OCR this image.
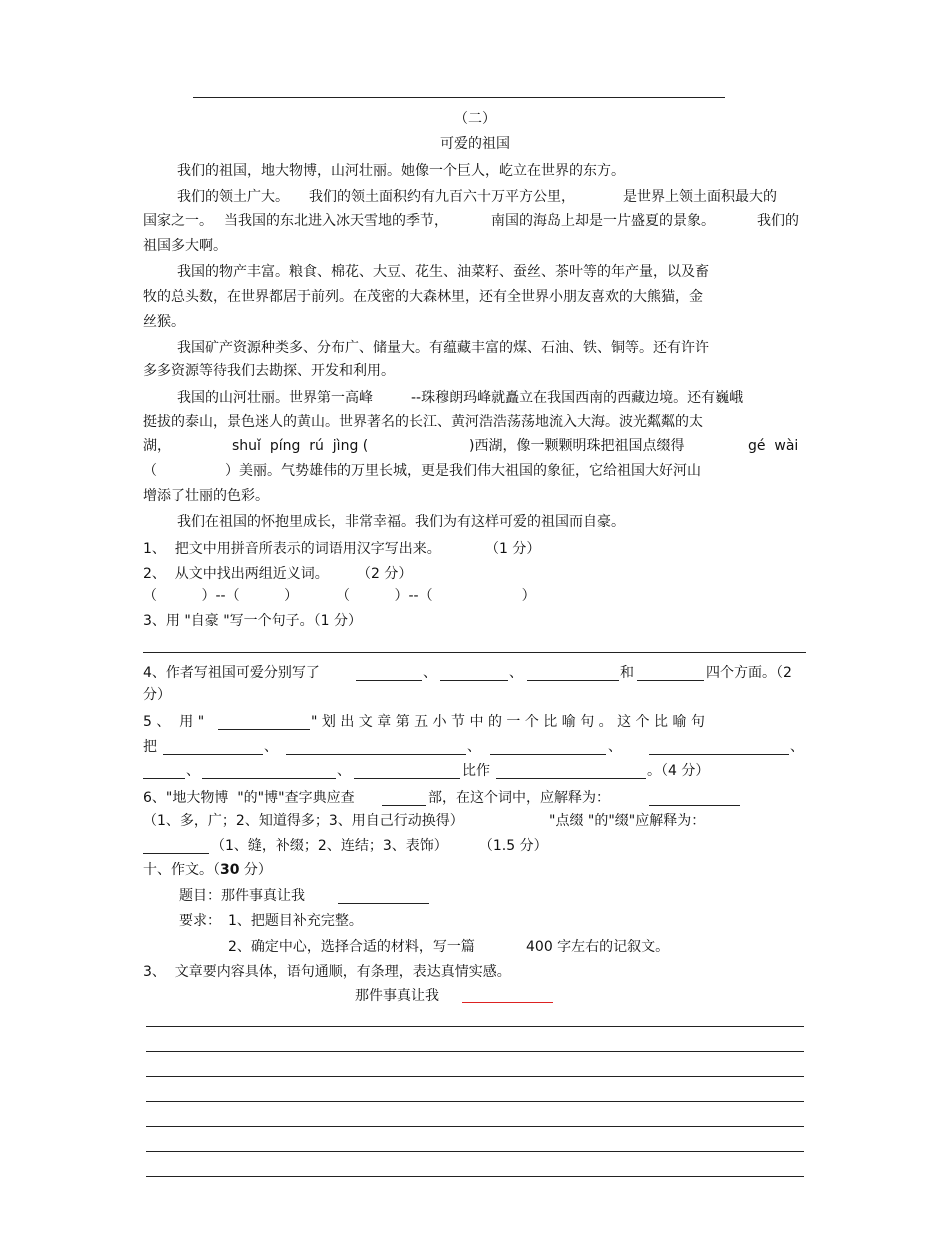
（二）
可爱的祖国
我们的祖国，地大物博，山河壮丽。她像一个巨人，屹立在世界的东方。
我们的领土广大。 我们的领土面积约有九百六十万平方公里，	是世界上领土面积最大的
国家之一。 当我国的东北进入冰天雪地的季节，	南国的海岛上却是一片盛夏的景象。	我们的
祖国多大啊。
我国的物产丰富。粮食、棉花、大豆、花生、油菜籽、蚕丝、茶叶等的年产量，以及畜
牧的总头数，在世界都居于前列。在茂密的大森林里，还有全世界小朋友喜欢的大熊猫，金
丝猴。
我国矿产资源种类多、分布广、储量大。有蕴藏丰富的煤、石油、铁、铜等。还有许许
多多资源等待我们去勘探、开发和利用。
我国的山河壮丽。世界第一高峰	--珠穆朗玛峰就矗立在我国西南的西藏边境。还有巍峨
挺拔的泰山，景色迷人的黄山。世界著名的长江、黄河浩浩荡荡地流入大海。波光粼粼的太
湖，	shuǐ  píng  rú  jìng (	)西湖，像一颗颗明珠把祖国点缀得	gé  wài
（	）美丽。气势雄伟的万里长城，更是我们伟大祖国的象征，它给祖国大好河山
增添了壮丽的色彩。
我们在祖国的怀抱里成长，非常幸福。我们为有这样可爱的祖国而自豪。
1、  把文中用拼音所表示的词语用汉字写出来。	（1 分）
2、  从文中找出两组近义词。 （2 分）
（          ）--（          ）	（          ）--（                    ）
3、用 "自豪 "写一个句子。（1 分）
4、作者写祖国可爱分别写了	、	、	和	四个方面。（2
分）
5 、  用 "	" 划 出 文 章 第 五 小 节 中 的 一 个 比 喻 句 。 这 个 比 喻 句
把	、	、	、	、
、	、	比作	。（4 分）
6、"地大物博  "的"博"查字典应查	部，在这个词中，应解释为：
（1、多，广；2、知道得多；3、用自己行动换得）	"点缀 "的"缀"应解释为：
（1、缝，补缀；2、连结；3、表饰）       （1.5 分）
十、作文。（30 分）
题目：那件事真让我
要求： 1、把题目补充完整。
2、确定中心，选择合适的材料，写一篇	400 字左右的记叙文。
3、  文章要内容具体，语句通顺，有条理，表达真情实感。
那件事真让我
